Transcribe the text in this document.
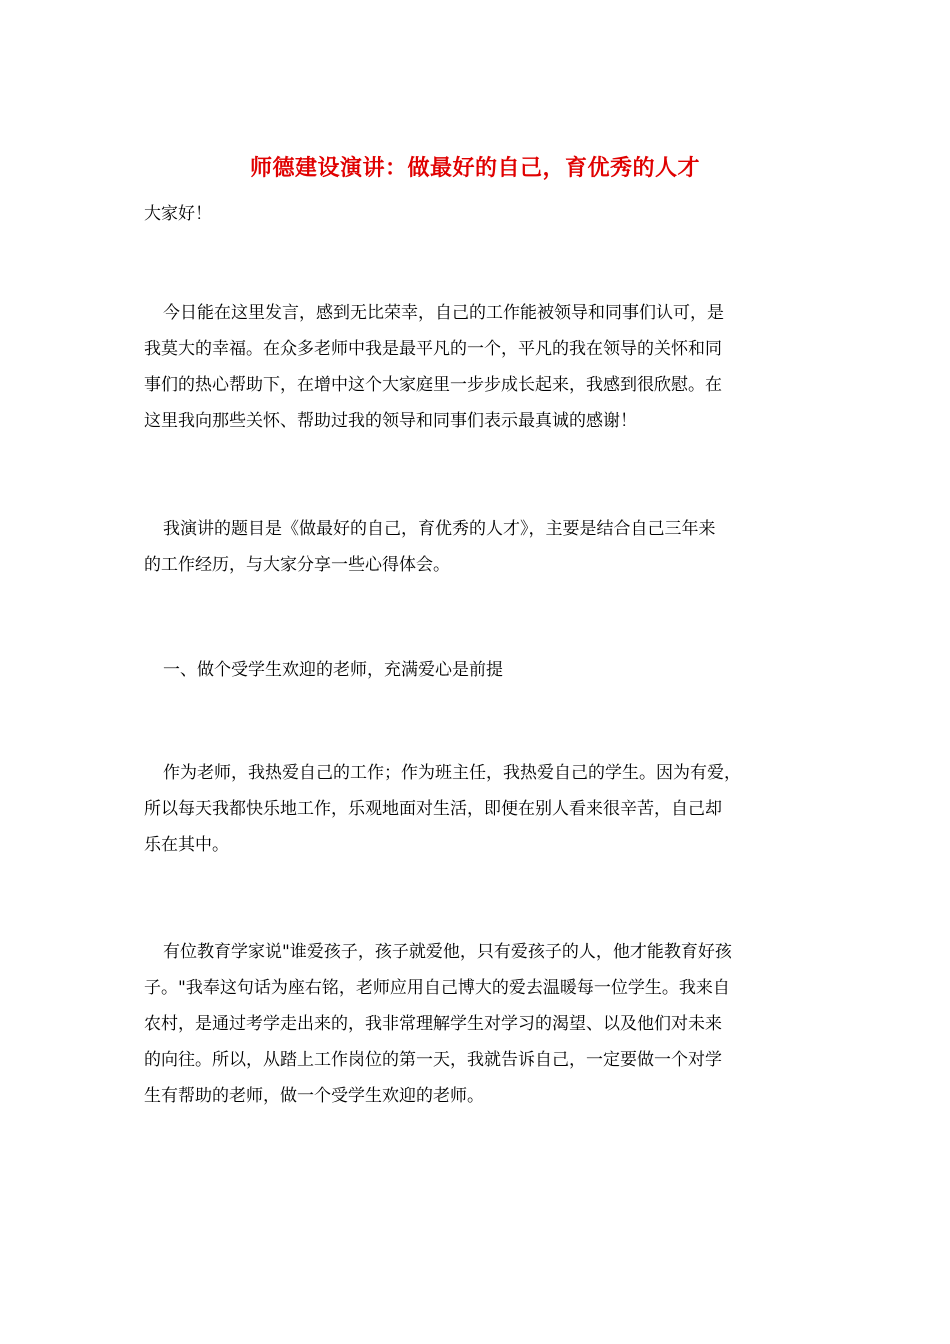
师德建设演讲：做最好的自己，育优秀的人才
大家好！
今日能在这里发言，感到无比荣幸，自己的工作能被领导和同事们认可，是
我莫大的幸福。在众多老师中我是最平凡的一个，平凡的我在领导的关怀和同
事们的热心帮助下，在增中这个大家庭里一步步成长起来，我感到很欣慰。在
这里我向那些关怀、帮助过我的领导和同事们表示最真诚的感谢！
我演讲的题目是《做最好的自己，育优秀的人才》，主要是结合自己三年来
的工作经历，与大家分享一些心得体会。
一、做个受学生欢迎的老师，充满爱心是前提
作为老师，我热爱自己的工作；作为班主任，我热爱自己的学生。因为有爱，
所以每天我都快乐地工作，乐观地面对生活，即便在别人看来很辛苦，自己却
乐在其中。
有位教育学家说"谁爱孩子，孩子就爱他，只有爱孩子的人，他才能教育好孩
子。"我奉这句话为座右铭，老师应用自己博大的爱去温暖每一位学生。我来自
农村，是通过考学走出来的，我非常理解学生对学习的渴望、以及他们对未来
的向往。所以，从踏上工作岗位的第一天，我就告诉自己，一定要做一个对学
生有帮助的老师，做一个受学生欢迎的老师。
